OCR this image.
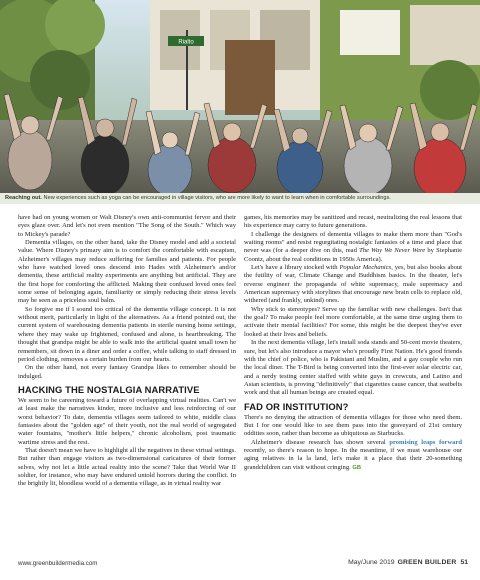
Rialto
Reaching out. New experiences such as yoga can be encouraged in village visitors, who are more likely to want to learn when in comfortable surroundings.

have had on young women or Walt Disney's own anti-communist fervor and their eyes glaze over. And let's not even mention "The Song of the South." Which way to Mickey's parade?

Dementia villages, on the other hand, take the Disney model and add a societal value. Where Disney's primary aim is to comfort the comfortable with escapism, Alzheimer's villages may reduce suffering for families and patients. For people who have watched loved ones descend into Hades with Alzheimer's and/or dementia, these artificial reality experiments are anything but artificial. They are the first hope for comforting the afflicted. Making their confused loved ones feel some sense of belonging again, familiarity or simply reducing their stress levels may be seen as a priceless soul balm.

So forgive me if I sound too critical of the dementia village concept. It is not without merit, particularly in light of the alternatives. As a friend pointed out, the current system of warehousing dementia patients in sterile nursing home settings, where they may wake up frightened, confused and alone, is heartbreaking. The thought that grandpa might be able to walk into the artificial quaint small town he remembers, sit down in a diner and order a coffee, while talking to staff dressed in period clothing, removes a certain burden from our hearts.

On the other hand, not every fantasy Grandpa likes to remember should be indulged.

HACKING THE NOSTALGIA NARRATIVE

We seem to be careening toward a future of overlapping virtual realities. Can't we at least make the narratives kinder, more inclusive and less reinforcing of our worst behavior? To date, dementia villages seem tailored to white, middle class fantasies about the "golden age" of their youth, not the real world of segregated water fountains, "mother's little helpers," chronic alcoholism, post traumatic wartime stress and the rest.

That doesn't mean we have to highlight all the negatives in these virtual settings. But rather than engage visitors as two-dimensional caricatures of their former selves, why not let a little actual reality into the scene? Take that World War II soldier, for instance, who may have endured untold horrors during the conflict. In the brightly lit, bloodless world of a dementia village, as in virtual reality war

games, his memories may be sanitized and recast, neutralizing the real lessons that his experience may carry to future generations.

I challenge the designers of dementia villages to make them more than "God's waiting rooms" and resist regurgitating nostalgic fantasies of a time and place that never was (for a deeper dive on this, read The Way We Never Were by Stephanie Coontz, about the real conditions in 1950s America).

Let's have a library stocked with Popular Mechanics, yes, but also books about the futility of war, Climate Change and Buddhism basics. In the theater, let's reverse engineer the propaganda of white supremacy, male supremacy and American supremacy with storylines that encourage new brain cells to replace old, withered (and frankly, unkind) ones.

Why stick to stereotypes? Serve up the familiar with new challenges. Isn't that the goal? To make people feel more comfortable, at the same time urging them to activate their mental facilities? For some, this might be the deepest they've ever looked at their lives and beliefs.

In the next dementia village, let's install soda stands and 50-cent movie theaters, sure, but let's also introduce a mayor who's proudly First Nation. He's good friends with the chief of police, who is Pakistani and Muslim, and a gay couple who run the local diner. The T-Bird is being converted into the first-ever solar electric car, and a nerdy testing center staffed with white guys in crewcuts, and Latino and Asian scientists, is proving "definitively" that cigarettes cause cancer, that seatbelts work and that all human beings are created equal.

FAD OR INSTITUTION?

There's no denying the attraction of dementia villages for those who need them. But I for one would like to see them pass into the graveyard of 21st century oddities soon, rather than become as ubiquitous as Starbucks.

Alzheimer's disease research has shown several promising leaps forward recently, so there's reason to hope. In the meantime, if we must warehouse our aging relatives in la la land, let's make it a place that their 20-something grandchildren can visit without cringing. GB

www.greenbuildermedia.com	May/June 2019 GREEN BUILDER 51
